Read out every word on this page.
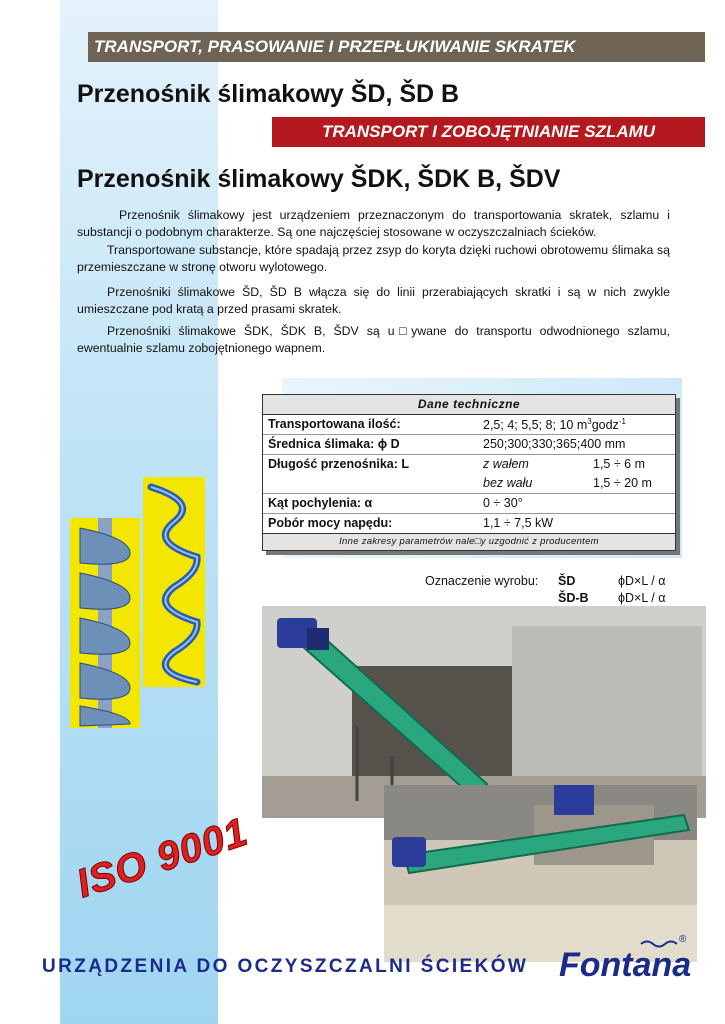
TRANSPORT, PRASOWANIE I PRZEPŁUKIWANIE SKRATEK
Przenośnik ślimakowy ŠD, ŠD B
TRANSPORT I ZOBOJĘTNIANIE SZLAMU
Przenośnik ślimakowy ŠDK, ŠDK B, ŠDV
Przenośnik ślimakowy jest urządzeniem przeznaczonym do transportowania skratek, szlamu i substancji o podobnym charakterze. Są one najczęściej stosowane w oczyszczalniach ścieków.
Transportowane substancje, które spadają przez zsyp do koryta dzięki ruchowi obrotowemu ślimaka są przemieszczane w stronę otworu wylotowego.
Przenośniki ślimakowe ŠD, ŠD B włącza się do linii przerabiających skratki i są w nich zwykle umieszczane pod kratą a przed prasami skratek.
Przenośniki ślimakowe ŠDK, ŠDK B, ŠDV są u□ywane do transportu odwodnionego szlamu, ewentualnie szlamu zobojętnionego wapnem.
Dane techniczne
Transportowana ilość:	2,5; 4; 5,5; 8; 10 $m^3godz^{-1}$
Średnica ślimaka: ϕ D	250;300;330;365;400 mm
Długość przenośnika: L	z wałem	1,5 ÷ 6 m
bez wału	1,5 ÷ 20 m
Kąt pochylenia: α	0 ÷ 30°
Pobór mocy napędu:	1,1 ÷ 7,5 kW
Inne zakresy parametrów nale□y uzgodnić z producentem
Oznaczenie wyrobu: ŠD	ϕD×L / α
ŠD-B ϕD×L / α
ISO 9001
URZĄDZENIA DO OCZYSZCZALNI ŚCIEKÓW Fontana
®
